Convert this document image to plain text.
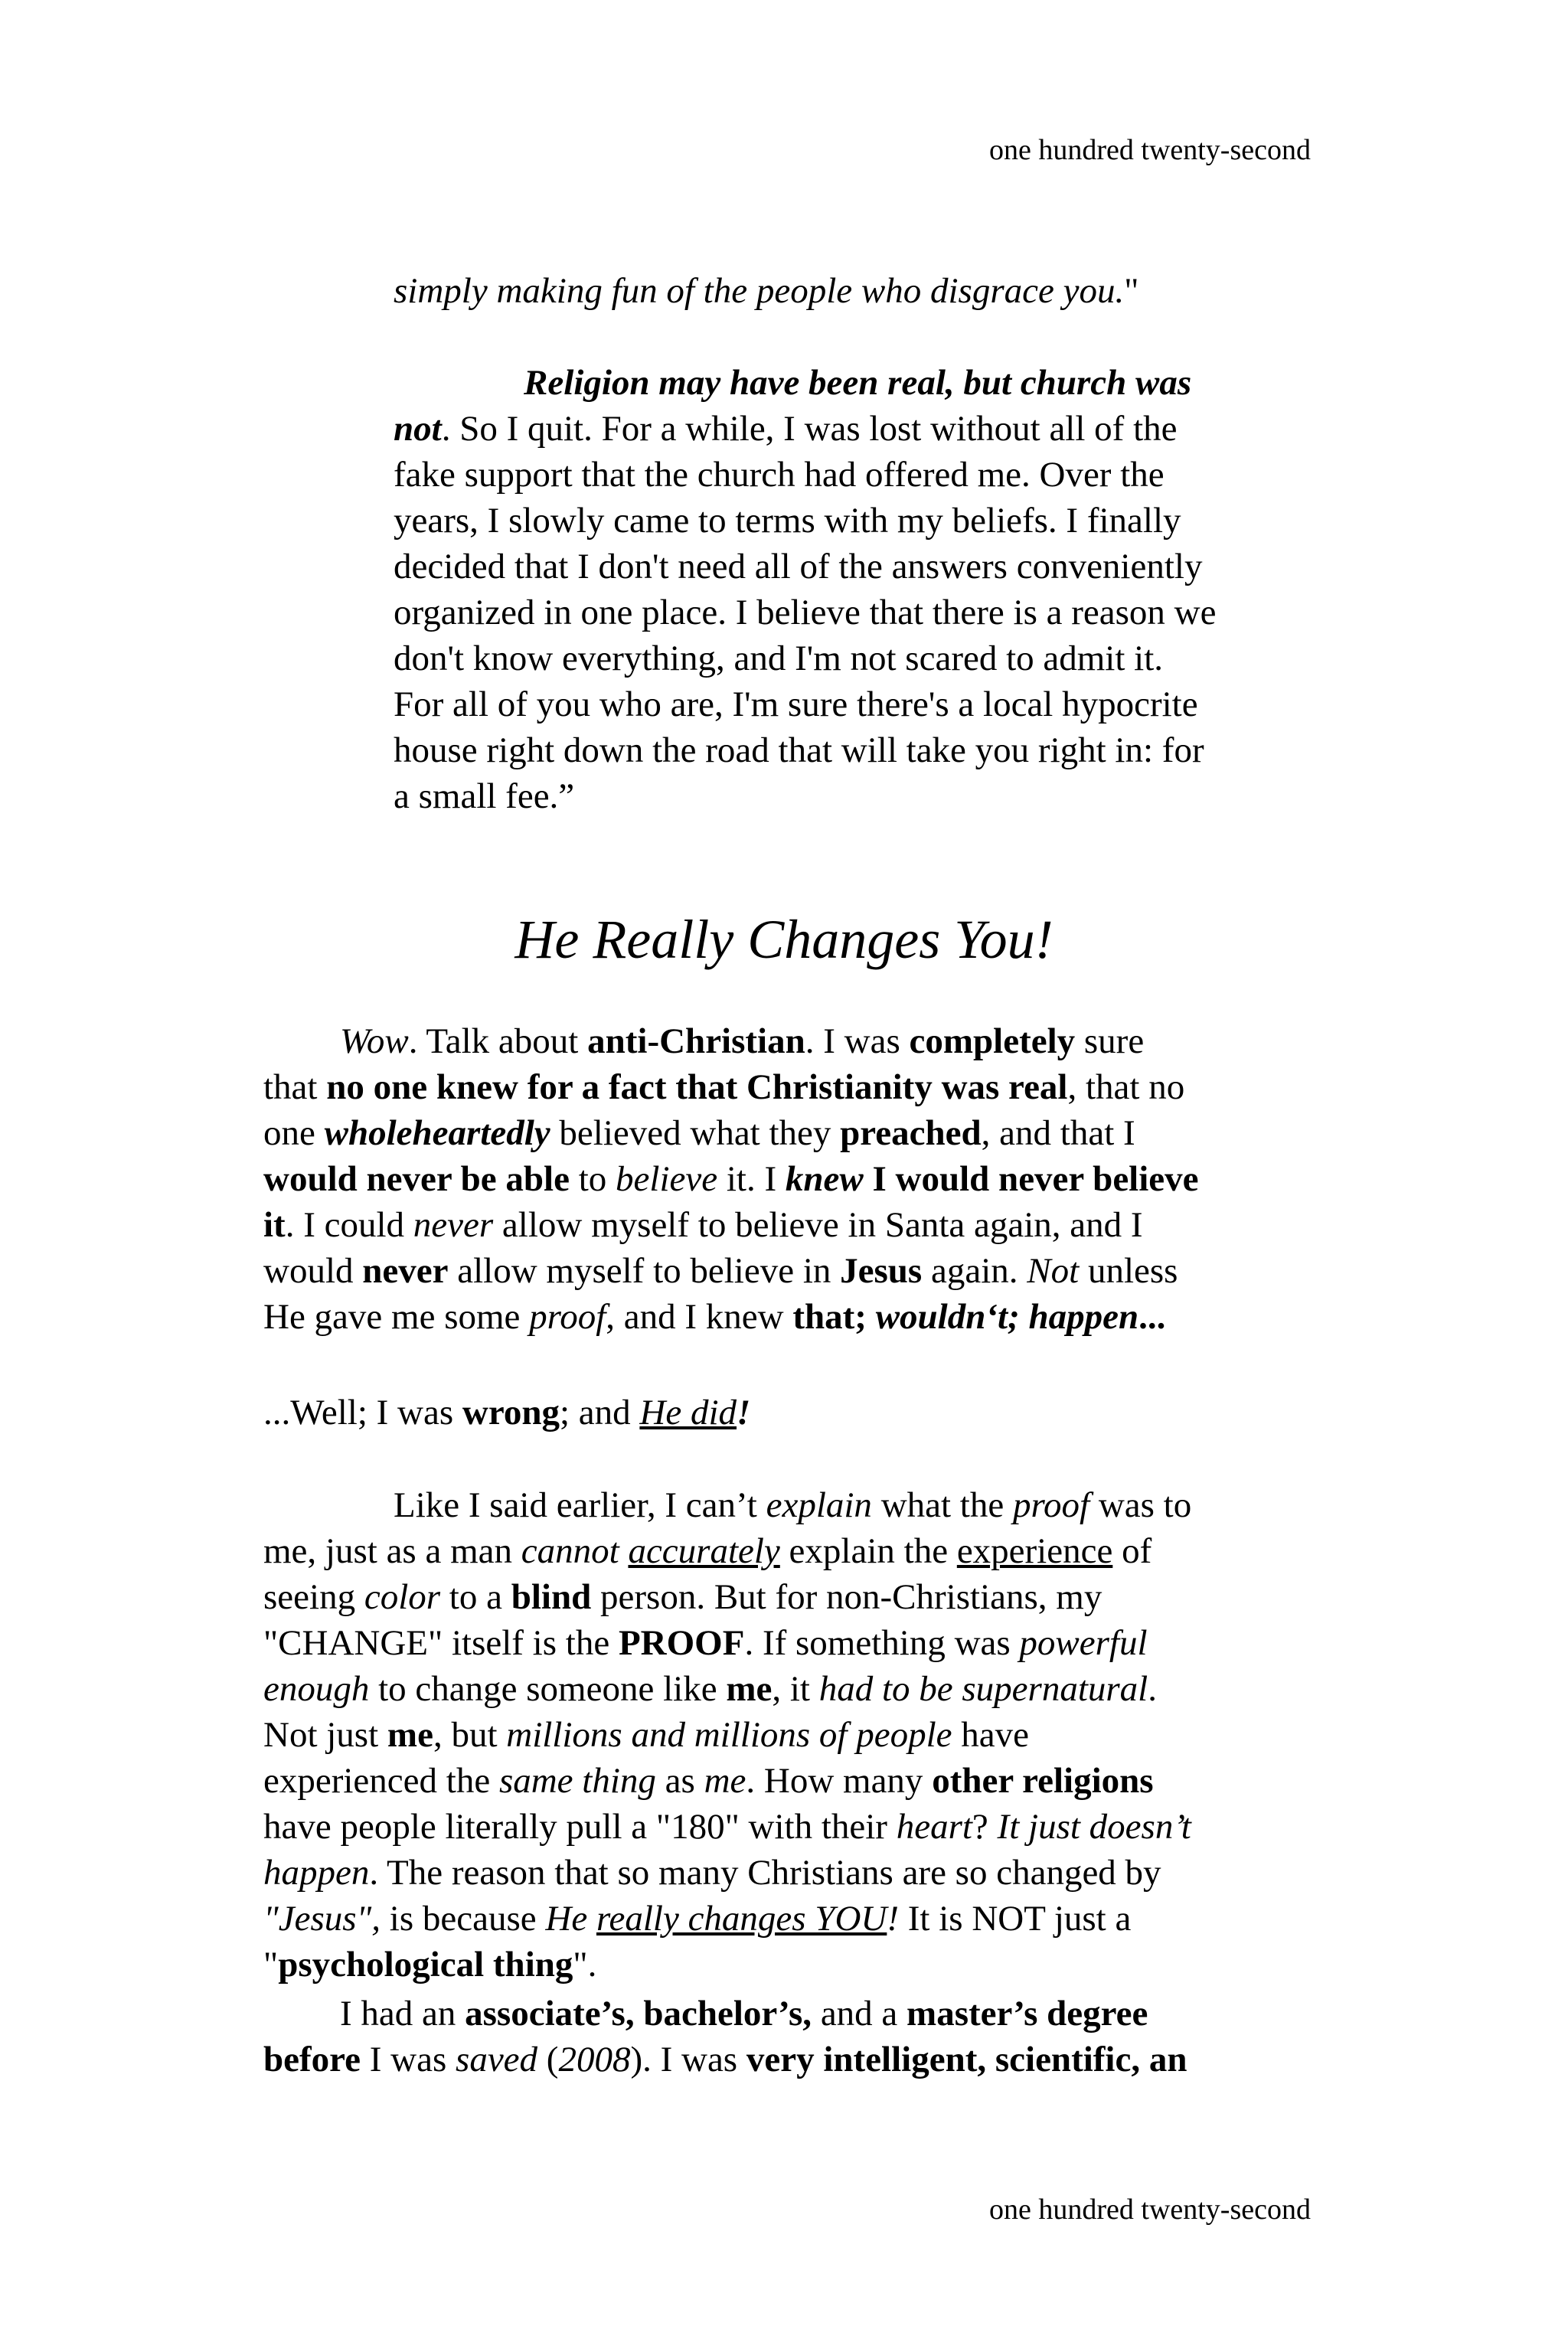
one hundred twenty-second
simply making fun of the people who disgrace you."
Religion may have been real, but church was
not. So I quit. For a while, I was lost without all of the
fake support that the church had offered me. Over the
years, I slowly came to terms with my beliefs. I finally
decided that I don't need all of the answers conveniently
organized in one place. I believe that there is a reason we
don't know everything, and I'm not scared to admit it.
For all of you who are, I'm sure there's a local hypocrite
house right down the road that will take you right in: for
a small fee.”
He Really Changes You!
Wow. Talk about anti-Christian. I was completely sure
that no one knew for a fact that Christianity was real, that no
one wholeheartedly believed what they preached, and that I
would never be able to believe it. I knew I would never believe
it. I could never allow myself to believe in Santa again, and I
would never allow myself to believe in Jesus again. Not unless
He gave me some proof, and I knew that; wouldn‘t; happen...
...Well; I was wrong; and He did!
Like I said earlier, I can’t explain what the proof was to
me, just as a man cannot accurately explain the experience of
seeing color to a blind person. But for non-Christians, my
"CHANGE" itself is the PROOF. If something was powerful
enough to change someone like me, it had to be supernatural.
Not just me, but millions and millions of people have
experienced the same thing as me. How many other religions
have people literally pull a "180" with their heart? It just doesn’t
happen. The reason that so many Christians are so changed by
"Jesus", is because He really changes YOU! It is NOT just a
"psychological thing".
I had an associate’s, bachelor’s, and a master’s degree
before I was saved (2008). I was very intelligent, scientific, an
one hundred twenty-second
